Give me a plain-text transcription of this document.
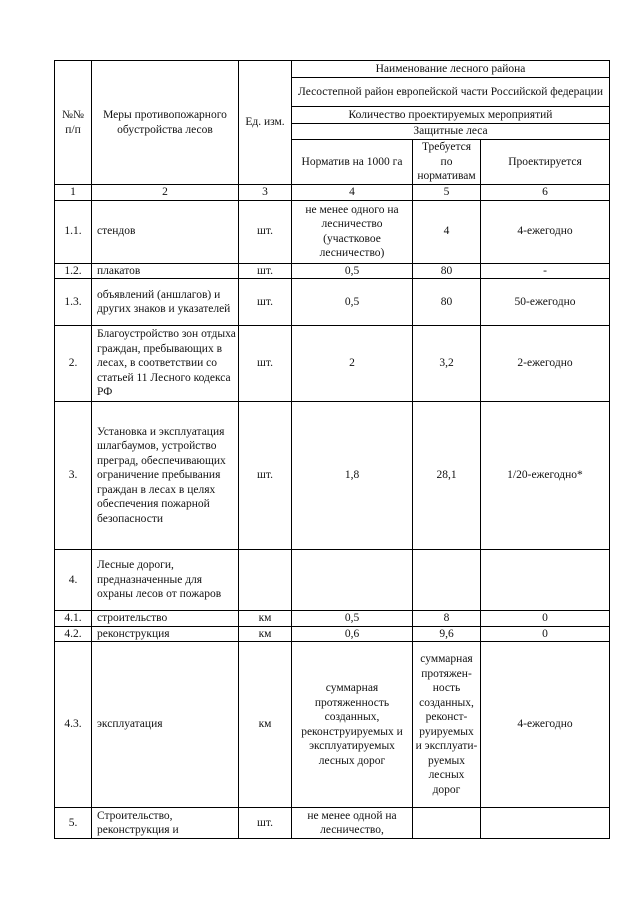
№№ п/п	Меры противопожарного обустройства лесов	Ед. изм.	Наименование лесного района		
			Лесостепной район европейской части Российской федерации		
			Количество проектируемых мероприятий		
			Защитные леса		
			Норматив на 1000 га	Требуется по нормативам	Проектируется

1	2	3	4	5	6
1.1.	стендов	шт.	не менее одного на лесничество (участковое лесничество)	4	4-ежегодно
1.2.	плакатов	шт.	0,5	80	-
1.3.	объявлений (аншлагов) и других знаков и указателей	шт.	0,5	80	50-ежегодно
2.	Благоустройство зон отдыха граждан, пребывающих в лесах, в соответствии со статьей 11 Лесного кодекса РФ	шт.	2	3,2	2-ежегодно
3.	Установка и эксплуатация шлагбаумов, устройство преград, обеспечивающих ограничение пребывания граждан в лесах в целях обеспечения пожарной безопасности	шт.	1,8	28,1	1/20-ежегодно*
4.	Лесные дороги, предназначенные для охраны лесов от пожаров				
4.1.	строительство	км	0,5	8	0
4.2.	реконструкция	км	0,6	9,6	0
4.3.	эксплуатация	км	суммарная протяженность созданных, реконструируемых и эксплуатируемых лесных дорог	суммарная протяжен-ность созданных, реконст-руируемых и эксплуати-руемых лесных дорог	4-ежегодно
5.	Строительство, реконструкция и	шт.	не менее одной на лесничество,		
